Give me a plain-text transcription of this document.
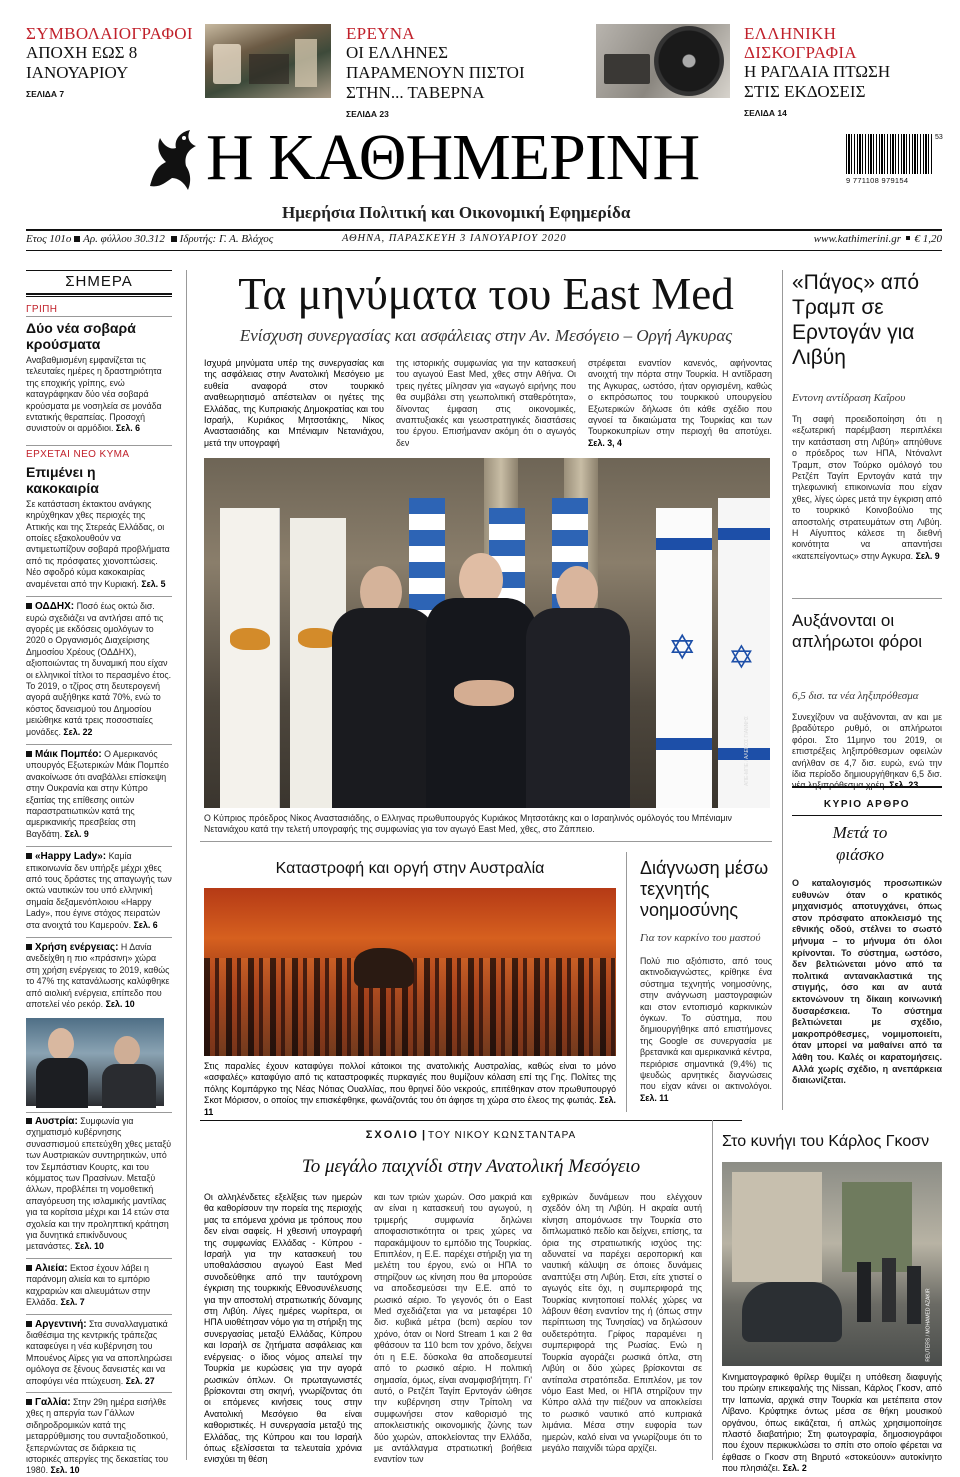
ΣΥΜΒΟΛΑΙΟΓΡΑΦΟΙ
ΑΠΟΧΗ ΕΩΣ 8 ΙΑΝΟΥΑΡΙΟΥ
ΣΕΛΙΔΑ 7
ΕΡΕΥΝΑ
ΟΙ ΕΛΛΗΝΕΣ ΠΑΡΑΜΕΝΟΥΝ ΠΙΣΤΟΙ ΣΤΗΝ... ΤΑΒΕΡΝΑ
ΣΕΛΙΔΑ 23
ΕΛΛΗΝΙΚΗ ΔΙΣΚΟΓΡΑΦΙΑ
Η ΡΑΓΔΑΙΑ ΠΤΩΣΗ ΣΤΙΣ ΕΚΔΟΣΕΙΣ
ΣΕΛΙΔΑ 14
Η ΚΑΘΗΜΕΡΙΝΗ	9 771108 979154
53
Ημερήσια Πολιτική και Οικονομική Εφημερίδα
Ετος 101ο Αρ. φύλλου 30.312 Ιδρυτής: Γ. Α. Βλάχος	ΑΘΗΝΑ, ΠΑΡΑΣΚΕΥΗ 3 ΙΑΝΟΥΑΡΙΟΥ 2020	www.kathimerini.gr € 1,20
ΣΗΜΕΡΑ
ΓΡΙΠΗ
Δύο νέα σοβαρά κρούσματα
Αναβαθμισμένη εμφανίζεται τις τελευταίες ημέρες η δραστηριότητα της εποχικής γρίπης, ενώ καταγράφηκαν δύο νέα σοβαρά κρούσματα με νοσηλεία σε μονάδα εντατικής θεραπείας. Προσοχή συνιστούν οι αρμόδιοι. Σελ. 6
ΕΡΧΕΤΑΙ ΝΕΟ ΚΥΜΑ
Επιμένει η κακοκαιρία
Σε κατάσταση έκτακτου ανάγκης κηρύχθηκαν χθες περιοχές της Αττικής και της Στερεάς Ελλάδας, οι οποίες εξακολουθούν να αντιμετωπίζουν σοβαρά προβλήματα από τις πρόσφατες χιονοπτώσεις. Νέο σφοδρό κύμα κακοκαιρίας αναμένεται από την Κυριακή. Σελ. 5
ΟΔΔΗΧ: Ποσό έως οκτώ δισ. ευρώ σχεδιάζει να αντλήσει από τις αγορές με εκδόσεις ομολόγων το 2020 ο Οργανισμός Διαχείρισης Δημοσίου Χρέους (ΟΔΔΗΧ), αξιοποιώντας τη δυναμική που είχαν οι ελληνικοί τίτλοι το περασμένο έτος. Το 2019, ο τζίρος στη δευτερογενή αγορά αυξήθηκε κατά 70%, ενώ το κόστος δανεισμού του Δημοσίου μειώθηκε κατά τρεις ποσοστιαίες μονάδες. Σελ. 22
Μάικ Πομπέο: Ο Αμερικανός υπουργός Εξωτερικών Μάικ Πομπέο ανακοίνωσε ότι αναβάλλει επίσκεψη στην Ουκρανία και στην Κύπρο εξαιτίας της επίθεσης οιιτών παραστρατιωτικών κατά της αμερικανικής πρεσβείας στη Βαγδάτη. Σελ. 9
«Happy Lady»: Καμία επικοινωνία δεν υπήρξε μέχρι χθες από τους δράστες της απαγωγής των οκτώ ναυτικών του υπό ελληνική σημαία δεξαμενόπλοιου «Happy Lady», που έγινε στόχος πειρατών στα ανοιχτά του Καμερούν. Σελ. 6
Χρήση ενέργειας: Η Δανία ανεδείχθη η πιο «πράσινη» χώρα στη χρήση ενέργειας το 2019, καθώς το 47% της κατανάλωσης καλύφθηκε από αιολική ενέργεια, επίπεδο που αποτελεί νέο ρεκόρ. Σελ. 10
A.P PHOTO
Αυστρία: Συμφωνία για σχηματισμό κυβέρνησης συνασπισμού επετεύχθη χθες μεταξύ των Αυστριακών συντηρητικών, υπό τον Σεμπάστιαν Κουρτς, και του κόμματος των Πρασίνων. Μεταξύ άλλων, προβλέπει τη νομοθετική απαγόρευση της ισλαμικής μαντίλας για τα κορίτσια μέχρι και 14 ετών στα σχολεία και την προληπτική κράτηση για δυνητικά επικίνδυνους μετανάστες. Σελ. 10
Αλιεία: Εκτοσ έχουν λάβει η παράνομη αλιεία και το εμπόριο καχραριών και αλιευμάτων στην Ελλάδα. Σελ. 7
Αργεντινή: Στα συναλλαγματικά διαθέσιμα της κεντρικής τράπεζας καταφεύγει η νέα κυβέρνηση του Μπουένος Αϊρες για να αποπληρώσει ομόλογα σε ξένους δανειστές και να αποφύγει νέα πτώχευση. Σελ. 27
Γαλλία: Στην 29η ημέρα εισήλθε χθες η απεργία των Γάλλων σιδηροδρομικών κατά της μεταρρύθμισης του συνταξιοδοτικού, ξεπερνώντας σε διάρκεια τις ιστορικές απεργίες της δεκαετίας του 1980. Σελ. 10
Τα μηνύματα του East Med
Ενίσχυση συνεργασίας και ασφάλειας στην Αν. Μεσόγειο – Οργή Αγκυρας
Ισχυρά μηνύματα υπέρ της συνεργασίας και της ασφάλειας στην Ανατολική Μεσόγειο με ευθεία αναφορά στον τουρκικό αναθεωρητισμό απέστειλαν οι ηγέτες της Ελλάδας, της Κυπριακής Δημοκρατίας και του Ισραήλ, Κυριάκος Μητσοτάκης, Νίκος Αναστασιάδης και Μπένιαμιν Νετανιάχου, μετά την υπογραφή
της ιστορικής συμφωνίας για την κατασκευή του αγωγού East Med, χθες στην Αθήνα. Οι τρεις ηγέτες μίλησαν για «αγωγό ειρήνης που θα συμβάλει στη γεωπολιτική σταθερότητα», δίνοντας έμφαση στις οικονομικές, αναπτυξιακές και γεωστρατηγικές διαστάσεις του έργου. Επισήμαναν ακόμη ότι ο αγωγός δεν
στρέφεται εναντίον κανενός, αφήνοντας ανοιχτή την πόρτα στην Τουρκία. Η αντίδραση της Αγκυρας, ωστόσο, ήταν οργισμένη, καθώς ο εκπρόσωπος του τουρκικού υπουργείου Εξωτερικών δήλωσε ότι κάθε σχέδιο που αγνοεί τα δικαιώματα της Τουρκίας και των Τουρκοκυπρίων στην περιοχή θα αποτύχει. Σελ. 3, 4
✡ ✡
ΑΠΕ-ΜΠΕ / ΑΛΕΚΟΣ ΓΙΑΝΝΗΣ
Ο Κύπριος πρόεδρος Νίκος Αναστασιάδης, ο Ελληνας πρωθυπουργός Κυριάκος Μητσοτάκης και ο Ισραηλινός ομόλογός του Μπένιαμιν Νετανιάχου κατά την τελετή υπογραφής της συμφωνίας για τον αγωγό East Med, χθες, στο Ζάππειο.
Καταστροφή και οργή στην Αυστραλία
Στις παραλίες έχουν καταφύγει πολλοί κάτοικοι της ανατολικής Αυστραλίας, καθώς είναι το μόνο «ασφαλές» καταφύγιο από τις καταστροφικές πυρκαγιές που θυμίζουν κόλαση επί της Γης. Πολίτες της πόλης Κομπάργκο της Νέας Νότιας Ουαλλίας, που θρηνεί δύο νεκρούς, επιτέθηκαν στον πρωθυπουργό Σκοτ Μόρισον, ο οποίος την επισκέφθηκε, φωνάζοντάς του ότι άφησε τη χώρα στο έλεος της φωτιάς. Σελ. 11
Διάγνωση μέσω τεχνητής νοημοσύνης
Για τον καρκίνο του μαστού
Πολύ πιο αξιόπιστο, από τους ακτινοδιαγνώστες, κρίθηκε ένα σύστημα τεχνητής νοημοσύνης, στην ανάγνωση μαστογραφιών και στον εντοπισμό καρκινικών όγκων. Το σύστημα, που δημιουργήθηκε από επιστήμονες της Google σε συνεργασία με βρετανικά και αμερικανικά κέντρα, περιόρισε σημαντικά (9,4%) τις ψευδώς αρνητικές διαγνώσεις που είχαν κάνει οι ακτινολόγοι. Σελ. 11
«Πάγος» από Τραμπ σε Ερντογάν για Λιβύη
Εντονη αντίδραση Καΐρου
Τη σαφή προειδοποίηση ότι η «εξωτερική παρέμβαση περιπλέκει την κατάσταση στη Λιβύη» απηύθυνε ο πρόεδρος των ΗΠΑ, Ντόναλντ Τραμπ, στον Τούρκο ομόλογό του Ρετζέπ Ταγίπ Ερντογάν κατά την τηλεφωνική επικοινωνία που είχαν χθες, λίγες ώρες μετά την έγκριση από το τουρκικό Κοινοβούλιο της αποστολής στρατευμάτων στη Λιβύη. Η Αίγυπτος κάλεσε τη διεθνή κοινότητα να απαντήσει «κατεπείγοντως» στην Αγκυρα. Σελ. 9
Αυξάνονται οι απλήρωτοι φόροι
6,5 δισ. τα νέα ληξιπρόθεσμα
Συνεχίζουν να αυξάνονται, αν και με βραδύτερο ρυθμό, οι απλήρωτοι φόροι. Στο 11μηνο του 2019, οι επιστρέξεις ληξιπρόθεσμων οφειλών ανήλθαν σε 4,7 δισ. ευρώ, ενώ την ίδια περίοδο δημιουργήθηκαν 6,5 δισ.
ΚΥΡΙΟ ΑΡΘΡΟ
Μετά το φιάσκο
Ο καταλογισμός προσωπικών ευθυνών όταν ο κρατικός μηχανισμός αποτυγχάνει, όπως στον πρόσφατο αποκλεισμό της εθνικής οδού, στέλνει το σωστό μήνυμα – το μήνυμα ότι όλοι κρίνονται. Το σύστημα, ωστόσο, δεν βελτιώνεται μόνο από τα πολιτικά αντανακλαστικά της στιγμής, όσο και αν αυτά εκτονώνουν τη δίκαιη κοινωνική δυσαρέσκεια. Το σύστημα βελτιώνεται με σχέδιο, μακροπρόθεσμες, νομιμοποιείτι, όταν μπορεί να μαθαίνει από τα λάθη του. Καλές οι καρατομήσεις. Αλλά χωρίς σχέδιο, η ανεπάρκεια διαιωνίζεται.
ΣΧΟΛΙΟ | ΤΟΥ ΝΙΚΟΥ ΚΩΝΣΤΑΝΤΑΡΑ
Το μεγάλο παιχνίδι στην Ανατολική Μεσόγειο
Οι αλληλένδετες εξελίξεις των ημερών θα καθορίσουν την πορεία της περιοχής μας τα επόμενα χρόνια με τρόπους που δεν είναι σαφείς. Η χθεσινή υπογραφή της συμφωνίας Ελλάδας - Κύπρου - Ισραήλ για την κατασκευή του υποθαλάσσιου αγωγού East Med συνοδεύθηκε από την ταυτόχρονη έγκριση της τουρκικής Εθνοσυνέλευσης για την αποστολή στρατιωτικής δύναμης στη Λιβύη. Λίγες ημέρες νωρίτερα, οι ΗΠΑ υιοθέτησαν νόμο για τη στήριξη της συνεργασίας μεταξύ Ελλάδας, Κύπρου και Ισραήλ σε ζητήματα ασφάλειας και ενέργειας· ο ίδιος νόμος απειλεί την Τουρκία με κυρώσεις για την αγορά ρωσικών όπλων. Οι πρωταγωνιστές βρίσκονται στη σκηνή, γνωρίζοντας ότι οι επόμενες κινήσεις τους στην Ανατολική Μεσόγειο θα είναι καθοριστικές. Η συνεργασία μεταξύ της Ελλάδας, της Κύπρου και του Ισραήλ όπως εξελίσσεται τα τελευταία χρόνια ενισχύει τη θέση
και των τριών χωρών. Οσο μακριά και αν είναι η κατασκευή του αγωγού, η τριμερής συμφωνία δηλώνει αποφασιστικότητα οι τρεις χώρες να παρακάμψουν το εμπόδιο της Τουρκίας. Επιπλέον, η Ε.Ε. παρέχει στήριξη για τη μελέτη του έργου, ενώ οι ΗΠΑ το στηρίζουν ως κίνηση που θα μπορούσε να αποδεσμεύσει την Ε.Ε. από το ρωσικό αέριο. Το γεγονός ότι ο East Med σχεδιάζεται για να μεταφέρει 10 δισ. κυβικά μέτρα (bcm) αερίου τον χρόνο, όταν οι Nord Stream 1 και 2 θα φθάσουν τα 110 bcm τον χρόνο, δείχνει ότι η Ε.Ε. δύσκολα θα αποδεσμευτεί από το ρωσικό αέριο. Η πολιτική σημασία, όμως, είναι αναμφισβήτητη. Γι' αυτό, ο Ρετζέπ Ταγίπ Ερντογάν ώθησε την κυβέρνηση στην Τρίπολη να συμφωνήσει στον καθορισμό της αποκλειστικής οικονομικής ζώνης των δύο χωρών, αποκλείοντας την Ελλάδα, με αντάλλαγμα στρατιωτική βοήθεια εναντίον των
εχθρικών δυνάμεων που ελέγχουν σχεδόν όλη τη Λιβύη. Η ακραία αυτή κίνηση απομόνωσε την Τουρκία στο διπλωματικό πεδίο και δείχνει, επίσης, τα όρια της στρατιωτικής ισχύος της: αδυνατεί να παρέχει αεροπορική και ναυτική κάλυψη σε όποιες δυνάμεις αναπτύξει στη Λιβύη. Ετσι, είτε χτιστεί ο αγωγός είτε όχι, η συμπεριφορά της Τουρκίας κινητοποιεί πολλές χώρες να λάβουν θέση εναντίον της ή (όπως στην περίπτωση της Τυνησίας) να δηλώσουν ουδετερότητα. Γρίφος παραμένει η συμπεριφορά της Ρωσίας. Ενώ η Τουρκία αγοράζει ρωσικά όπλα, στη Λιβύη οι δύο χώρες βρίσκονται σε αντίπαλα στρατόπεδα. Επιπλέον, με τον νόμο East Med, οι ΗΠΑ στηρίζουν την Κύπρο αλλά την πιέζουν να αποκλείσει το ρωσικό ναυτικό από κυπριακά λιμάνια. Μέσα στην ευφορία των ημερών, καλό είναι να γνωρίζουμε ότι το μεγάλο παιχνίδι τώρα αρχίζει.
Στο κυνήγι του Κάρλος Γκοσν
REUTERS / MOHAMED AZAKIR
Κινηματογραφικό θρίλερ θυμίζει η υπόθεση διαφυγής του πρώην επικεφαλής της Nissan, Κάρλος Γκοσν, από την Ιαπωνία, αρχικά στην Τουρκία και μετέπειτα στον Λίβανο. Κρύφτηκε όντως μέσα σε θήκη μουσικού οργάνου, όπως εικάζεται, ή απλώς χρησιμοποίησε πλαστό διαβατήριο; Στη φωτογραφία, δημοσιογράφοι που έχουν περικυκλώσει το σπίτι στο οποίο φέρεται να έφθασε ο Γκοσν στη Βηρυτό «στοκεύουν» αυτοκίνητο που πλησιάζει. Σελ. 2
